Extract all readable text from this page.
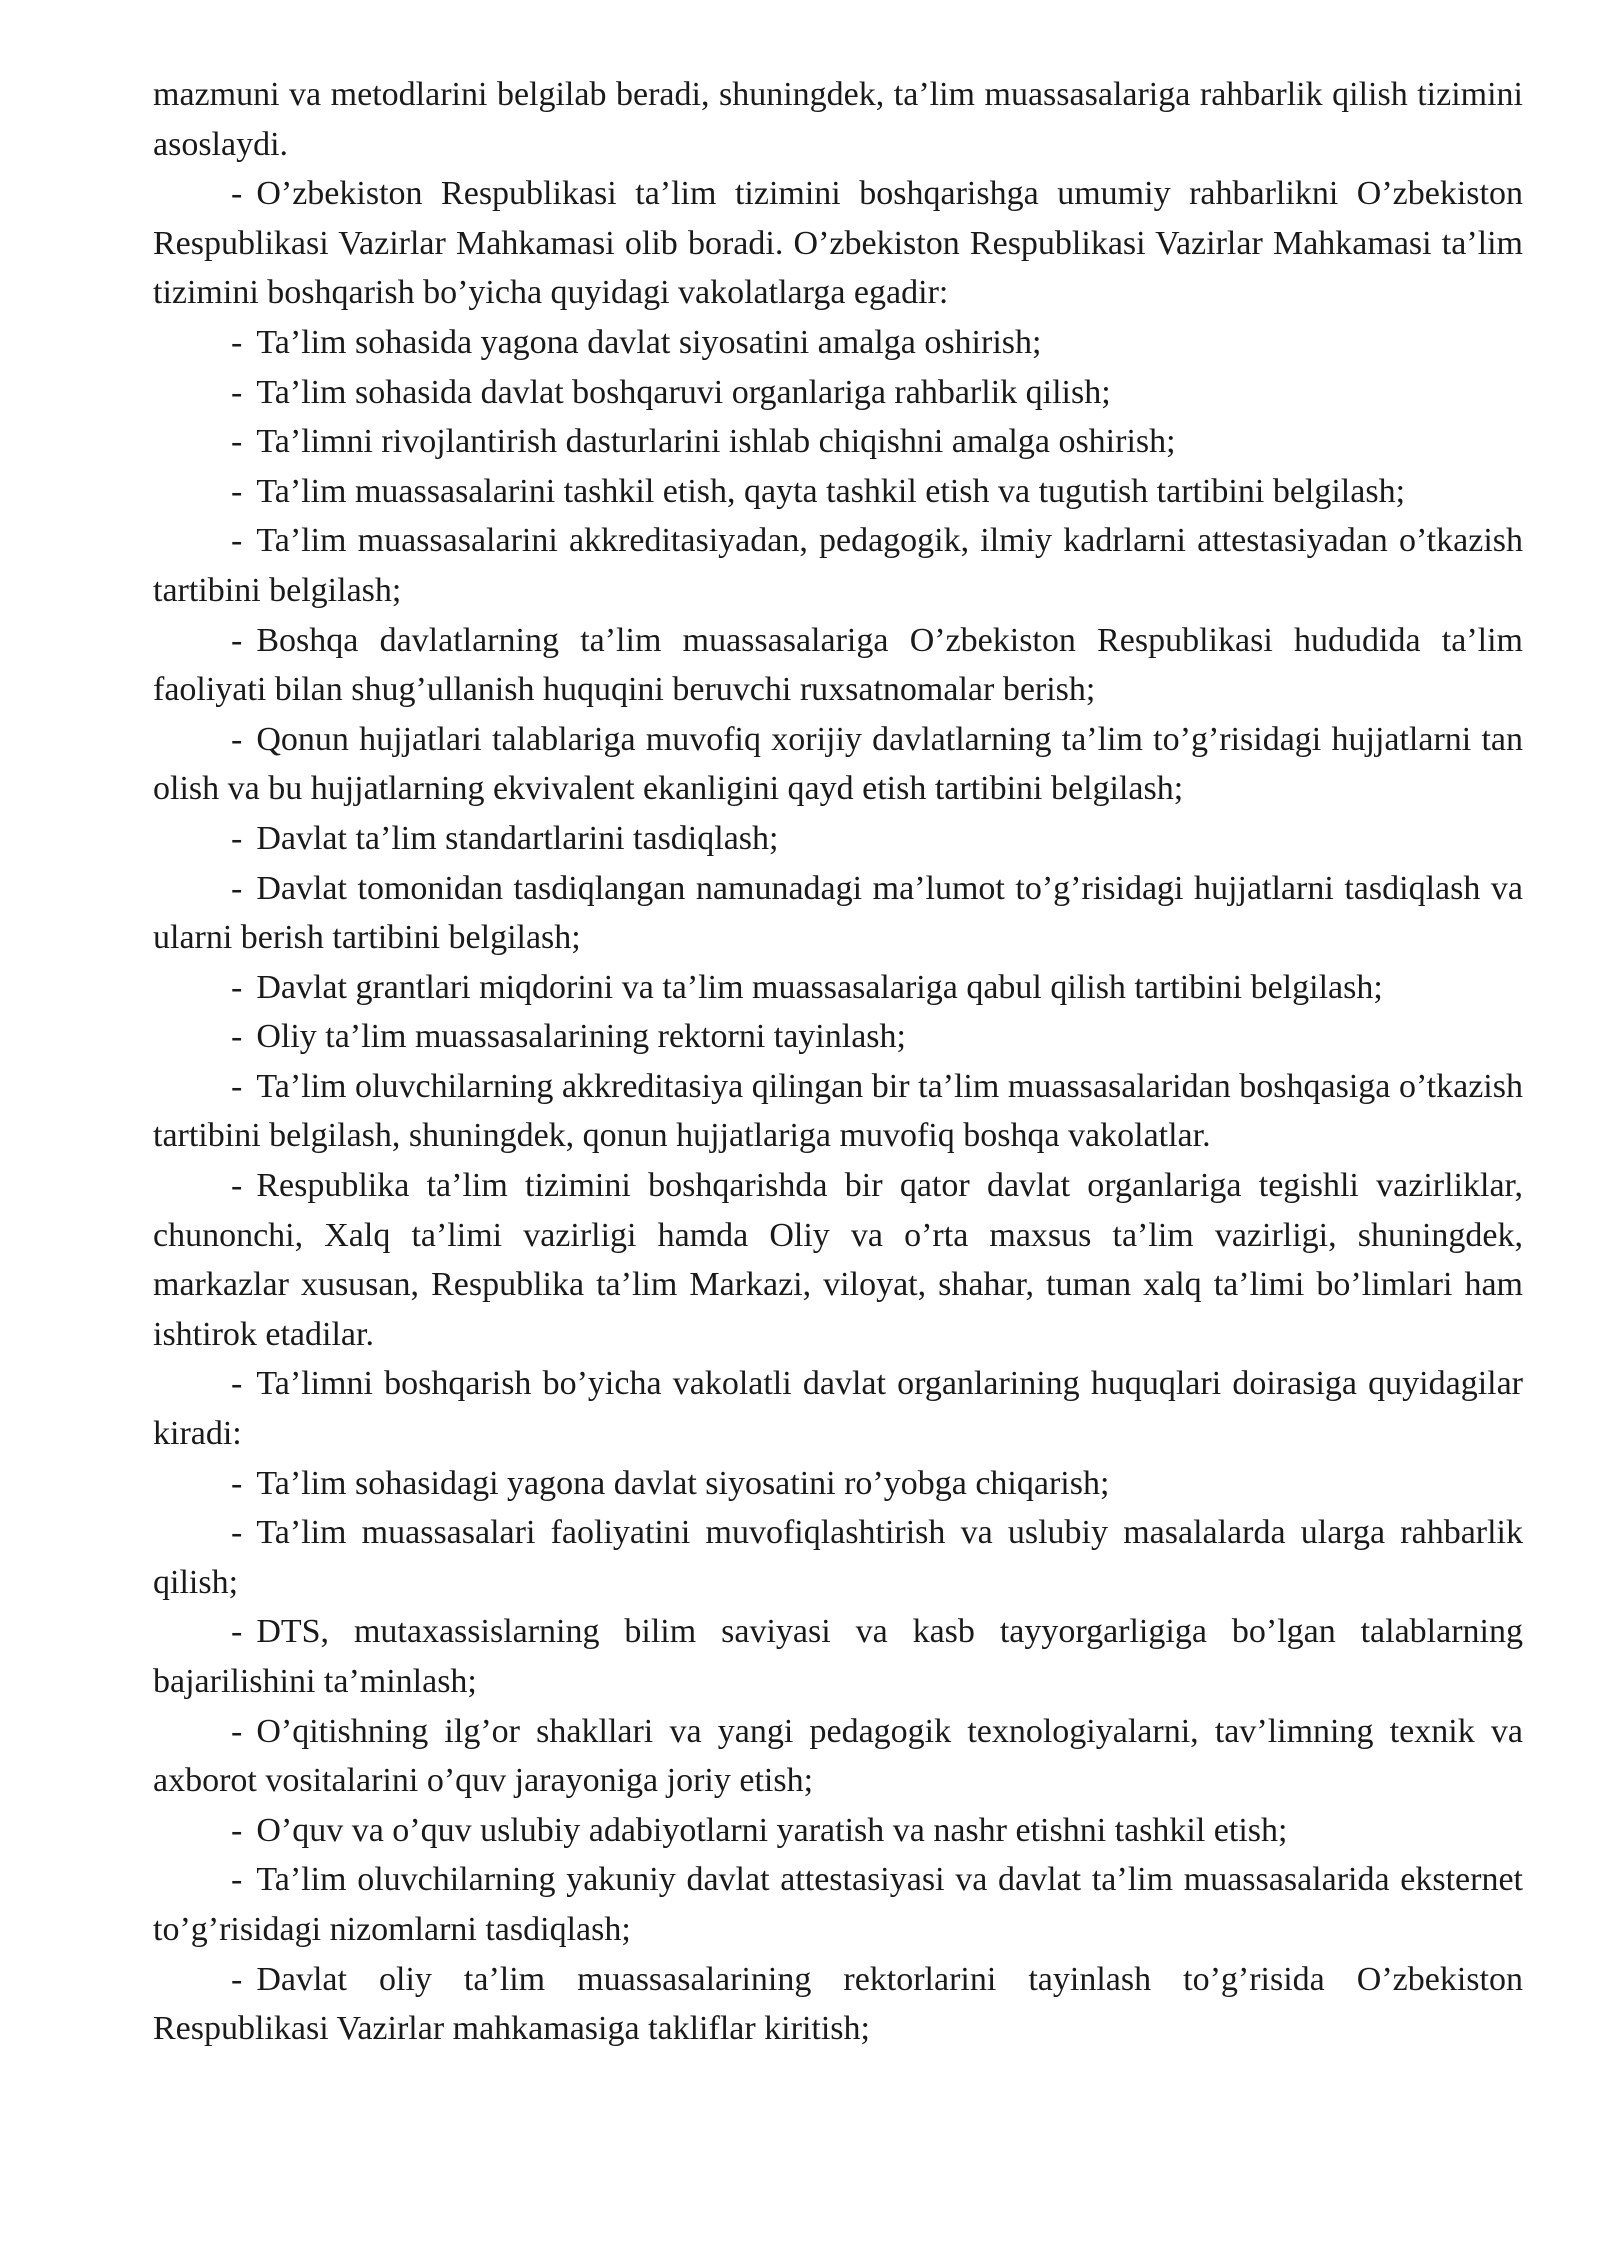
mazmuni va metodlarini belgilab beradi, shuningdek, ta’lim muassasalariga rahbarlik qilish tizimini asoslaydi.

- O’zbekiston Respublikasi ta’lim tizimini boshqarishga umumiy rahbarlikni O’zbekiston Respublikasi Vazirlar Mahkamasi olib boradi. O’zbekiston Respublikasi Vazirlar Mahkamasi ta’lim tizimini boshqarish bo’yicha quyidagi vakolatlarga egadir:

- Ta’lim sohasida yagona davlat siyosatini amalga oshirish;

- Ta’lim sohasida davlat boshqaruvi organlariga rahbarlik qilish;

- Ta’limni rivojlantirish dasturlarini ishlab chiqishni amalga oshirish;

- Ta’lim muassasalarini tashkil etish, qayta tashkil etish va tugutish tartibini belgilash;

- Ta’lim muassasalarini akkreditasiyadan, pedagogik, ilmiy kadrlarni attestasiyadan o’tkazish tartibini belgilash;

- Boshqa davlatlarning ta’lim muassasalariga O’zbekiston Respublikasi hududida ta’lim faoliyati bilan shug’ullanish huquqini beruvchi ruxsatnomalar berish;

- Qonun hujjatlari talablariga muvofiq xorijiy davlatlarning ta’lim to’g’risidagi hujjatlarni tan olish va bu hujjatlarning ekvivalent ekanligini qayd etish tartibini belgilash;

- Davlat ta’lim standartlarini tasdiqlash;

- Davlat tomonidan tasdiqlangan namunadagi ma’lumot to’g’risidagi hujjatlarni tasdiqlash va ularni berish tartibini belgilash;

- Davlat grantlari miqdorini va ta’lim muassasalariga qabul qilish tartibini belgilash;

- Oliy ta’lim muassasalarining rektorni tayinlash;

- Ta’lim oluvchilarning akkreditasiya qilingan bir ta’lim muassasalaridan boshqasiga o’tkazish tartibini belgilash, shuningdek, qonun hujjatlariga muvofiq boshqa vakolatlar.

- Respublika ta’lim tizimini boshqarishda bir qator davlat organlariga tegishli vazirliklar, chunonchi, Xalq ta’limi vazirligi hamda Oliy va o’rta maxsus ta’lim vazirligi, shuningdek, markazlar xususan, Respublika ta’lim Markazi, viloyat, shahar, tuman xalq ta’limi bo’limlari ham ishtirok etadilar.

- Ta’limni boshqarish bo’yicha vakolatli davlat organlarining huquqlari doirasiga quyidagilar kiradi:

- Ta’lim sohasidagi yagona davlat siyosatini ro’yobga chiqarish;

- Ta’lim muassasalari faoliyatini muvofiqlashtirish va uslubiy masalalarda ularga rahbarlik qilish;

- DTS, mutaxassislarning bilim saviyasi va kasb tayyorgarligiga bo’lgan talablarning bajarilishini ta’minlash;

- O’qitishning ilg’or shakllari va yangi pedagogik texnologiyalarni, tav’limning texnik va axborot vositalarini o’quv jarayoniga joriy etish;

- O’quv va o’quv uslubiy adabiyotlarni yaratish va nashr etishni tashkil etish;

- Ta’lim oluvchilarning yakuniy davlat attestasiyasi va davlat ta’lim muassasalarida eksternet to’g’risidagi nizomlarni tasdiqlash;

- Davlat oliy ta’lim muassasalarining rektorlarini tayinlash to’g’risida O’zbekiston Respublikasi Vazirlar mahkamasiga takliflar kiritish;
